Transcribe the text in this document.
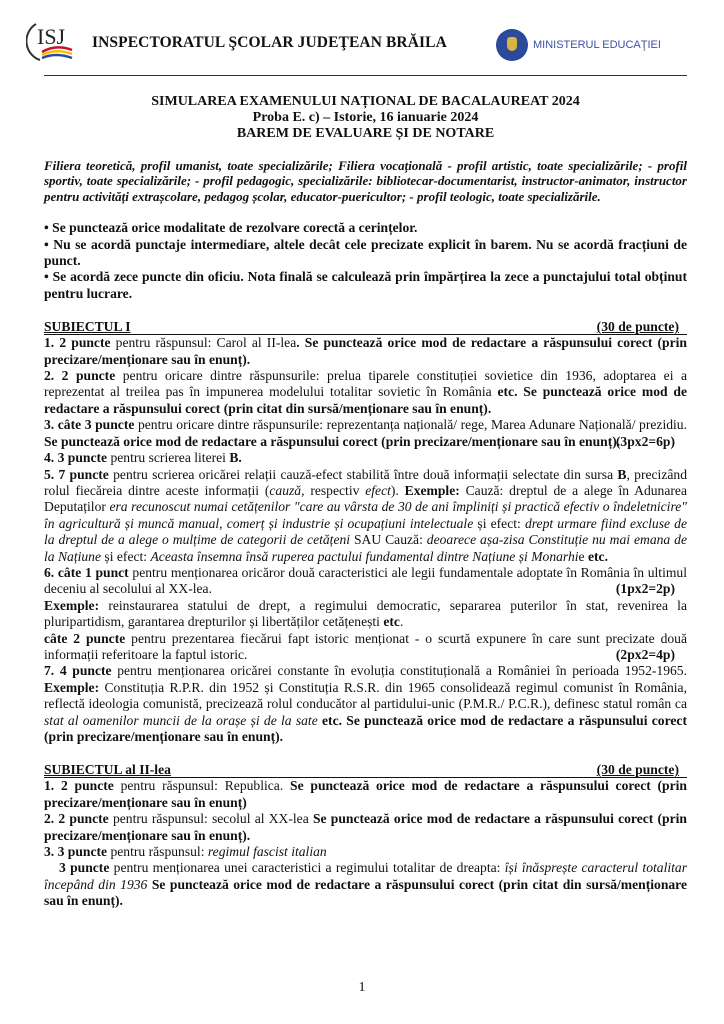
ISJ INSPECTORATUL ŞCOLAR JUDEŢEAN BRĂILA	MINISTERUL EDUCAŢIEI
SIMULAREA EXAMENULUI NAȚIONAL DE BACALAUREAT 2024
Proba E. c) – Istorie, 16 ianuarie 2024
BAREM DE EVALUARE ȘI DE NOTARE
Filiera teoretică, profil umanist, toate specializările; Filiera vocațională - profil artistic, toate specializările; - profil sportiv, toate specializările; - profil pedagogic, specializările: bibliotecar-documentarist, instructor-animator, instructor pentru activități extrașcolare, pedagog școlar, educator-puericultor; - profil teologic, toate specializările.

• Se punctează orice modalitate de rezolvare corectă a cerințelor.

• Nu se acordă punctaje intermediare, altele decât cele precizate explicit în barem. Nu se acordă fracțiuni de punct.

• Se acordă zece puncte din oficiu. Nota finală se calculează prin împărțirea la zece a punctajului total obținut pentru lucrare.

SUBIECTUL I	(30 de puncte)

1. 2 puncte pentru răspunsul: Carol al II-lea. Se punctează orice mod de redactare a răspunsului corect (prin precizare/menționare sau în enunț).

2. 2 puncte pentru oricare dintre răspunsurile: prelua tiparele constituției sovietice din 1936, adoptarea ei a reprezentat al treilea pas în impunerea modelului totalitar sovietic în România etc. Se punctează orice mod de redactare a răspunsului corect (prin citat din sursă/menționare sau în enunț).

3. câte 3 puncte pentru oricare dintre răspunsurile: reprezentanța națională/ rege, Marea Adunare Națională/ prezidiu. Se punctează orice mod de redactare a răspunsului corect (prin precizare/menționare sau în enunț).
(3px2=6p)

4. 3 puncte pentru scrierea literei B.

5. 7 puncte pentru scrierea oricărei relații cauză-efect stabilită între două informații selectate din sursa B, precizând rolul fiecăreia dintre aceste informații (cauză, respectiv efect). Exemple: Cauză: dreptul de a alege în Adunarea Deputaților era recunoscut numai cetățenilor "care au vârsta de 30 de ani împliniți și practică efectiv o îndeletnicire" în agricultură și muncă manual, comerț și industrie și ocupațiuni intelectuale și efect: drept urmare fiind excluse de la dreptul de a alege o mulțime de categorii de cetățeni SAU Cauză: deoarece așa-zisa Constituție nu mai emana de la Națiune și efect: Aceasta însemna însă ruperea pactului fundamental dintre Națiune și Monarhie etc.

6. câte 1 punct pentru menționarea oricăror două caracteristici ale legii fundamentale adoptate în România în ultimul deceniu al secolului al XX-lea.	(1px2=2p)

Exemple: reinstaurarea statului de drept, a regimului democratic, separarea puterilor în stat, revenirea la pluripartidism, garantarea drepturilor și libertăților cetățenești etc.

câte 2 puncte pentru prezentarea fiecărui fapt istoric menționat - o scurtă expunere în care sunt precizate două informații referitoare la faptul istoric.	(2px2=4p)

7. 4 puncte pentru menționarea oricărei constante în evoluția constituțională a României în perioada 1952-1965. Exemple: Constituția R.P.R. din 1952 și Constituția R.S.R. din 1965 consolidează regimul comunist în România, reflectă ideologia comunistă, precizează rolul conducător al partidului-unic (P.M.R./ P.C.R.), definesc statul român ca stat al oamenilor muncii de la orașe și de la sate etc. Se punctează orice mod de redactare a răspunsului corect (prin precizare/menționare sau în enunț).

SUBIECTUL al II-lea	(30 de puncte)

1. 2 puncte pentru răspunsul: Republica. Se punctează orice mod de redactare a răspunsului corect (prin precizare/menționare sau în enunț)

2. 2 puncte pentru răspunsul: secolul al XX-lea Se punctează orice mod de redactare a răspunsului corect (prin precizare/menționare sau în enunț).

3. 3 puncte pentru răspunsul: regimul fascist italian

3 puncte pentru menționarea unei caracteristici a regimului totalitar de dreapta: își înăsprește caracterul totalitar începând din 1936 Se punctează orice mod de redactare a răspunsului corect (prin citat din sursă/menționare sau în enunț).

1
